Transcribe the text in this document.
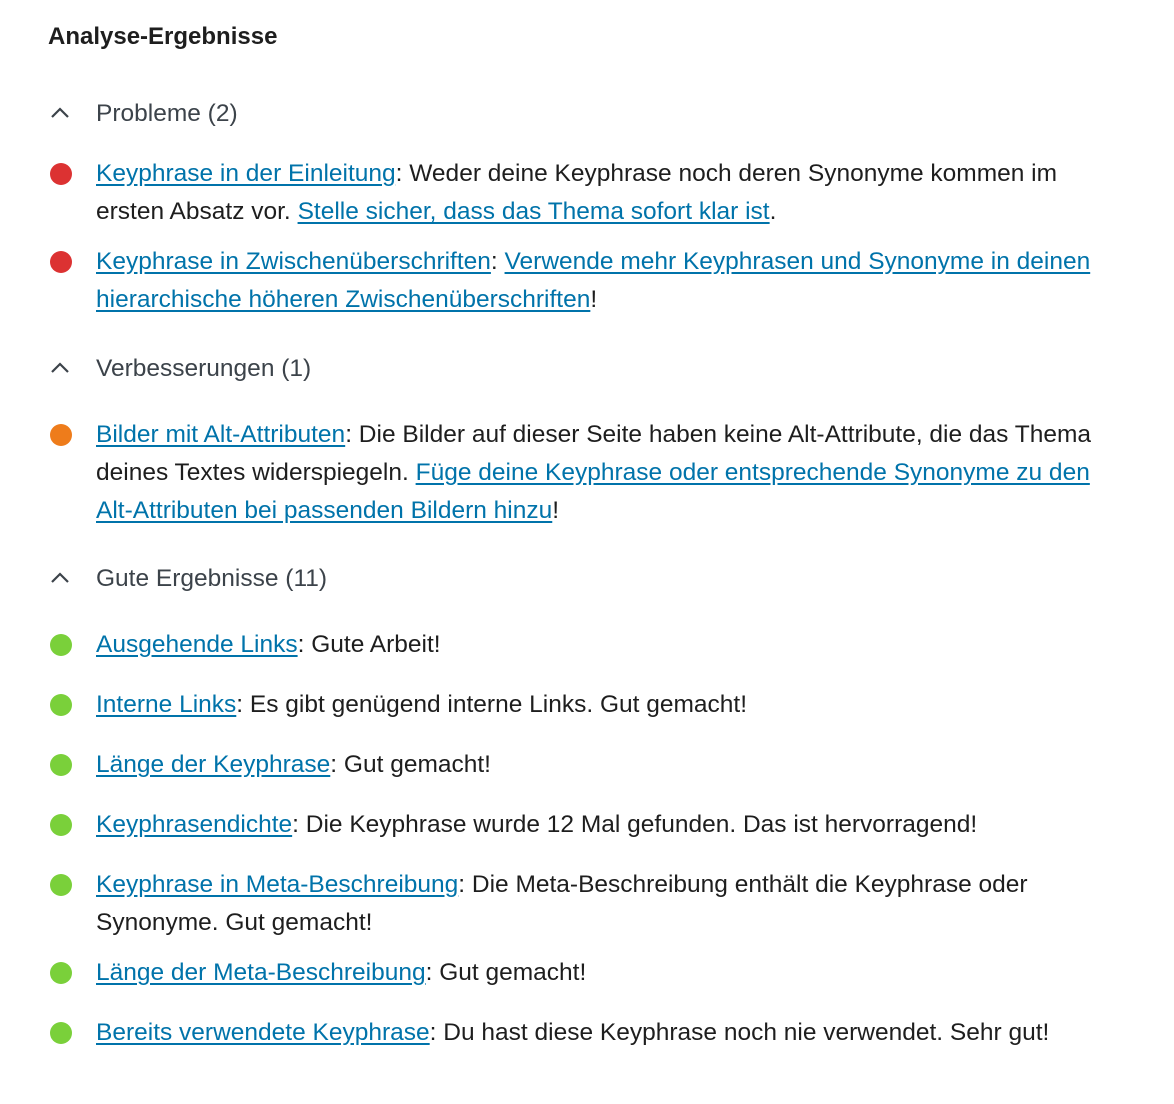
Analyse-Ergebnisse
Probleme (2)
Keyphrase in der Einleitung: Weder deine Keyphrase noch deren Synonyme kommen im ersten Absatz vor. Stelle sicher, dass das Thema sofort klar ist.
Keyphrase in Zwischenüberschriften: Verwende mehr Keyphrasen und Synonyme in deinen hierarchische höheren Zwischenüberschriften!
Verbesserungen (1)
Bilder mit Alt-Attributen: Die Bilder auf dieser Seite haben keine Alt-Attribute, die das Thema deines Textes widerspiegeln. Füge deine Keyphrase oder entsprechende Synonyme zu den Alt-Attributen bei passenden Bildern hinzu!
Gute Ergebnisse (11)
Ausgehende Links: Gute Arbeit!
Interne Links: Es gibt genügend interne Links. Gut gemacht!
Länge der Keyphrase: Gut gemacht!
Keyphrasendichte: Die Keyphrase wurde 12 Mal gefunden. Das ist hervorragend!
Keyphrase in Meta-Beschreibung: Die Meta-Beschreibung enthält die Keyphrase oder Synonyme. Gut gemacht!
Länge der Meta-Beschreibung: Gut gemacht!
Bereits verwendete Keyphrase: Du hast diese Keyphrase noch nie verwendet. Sehr gut!
